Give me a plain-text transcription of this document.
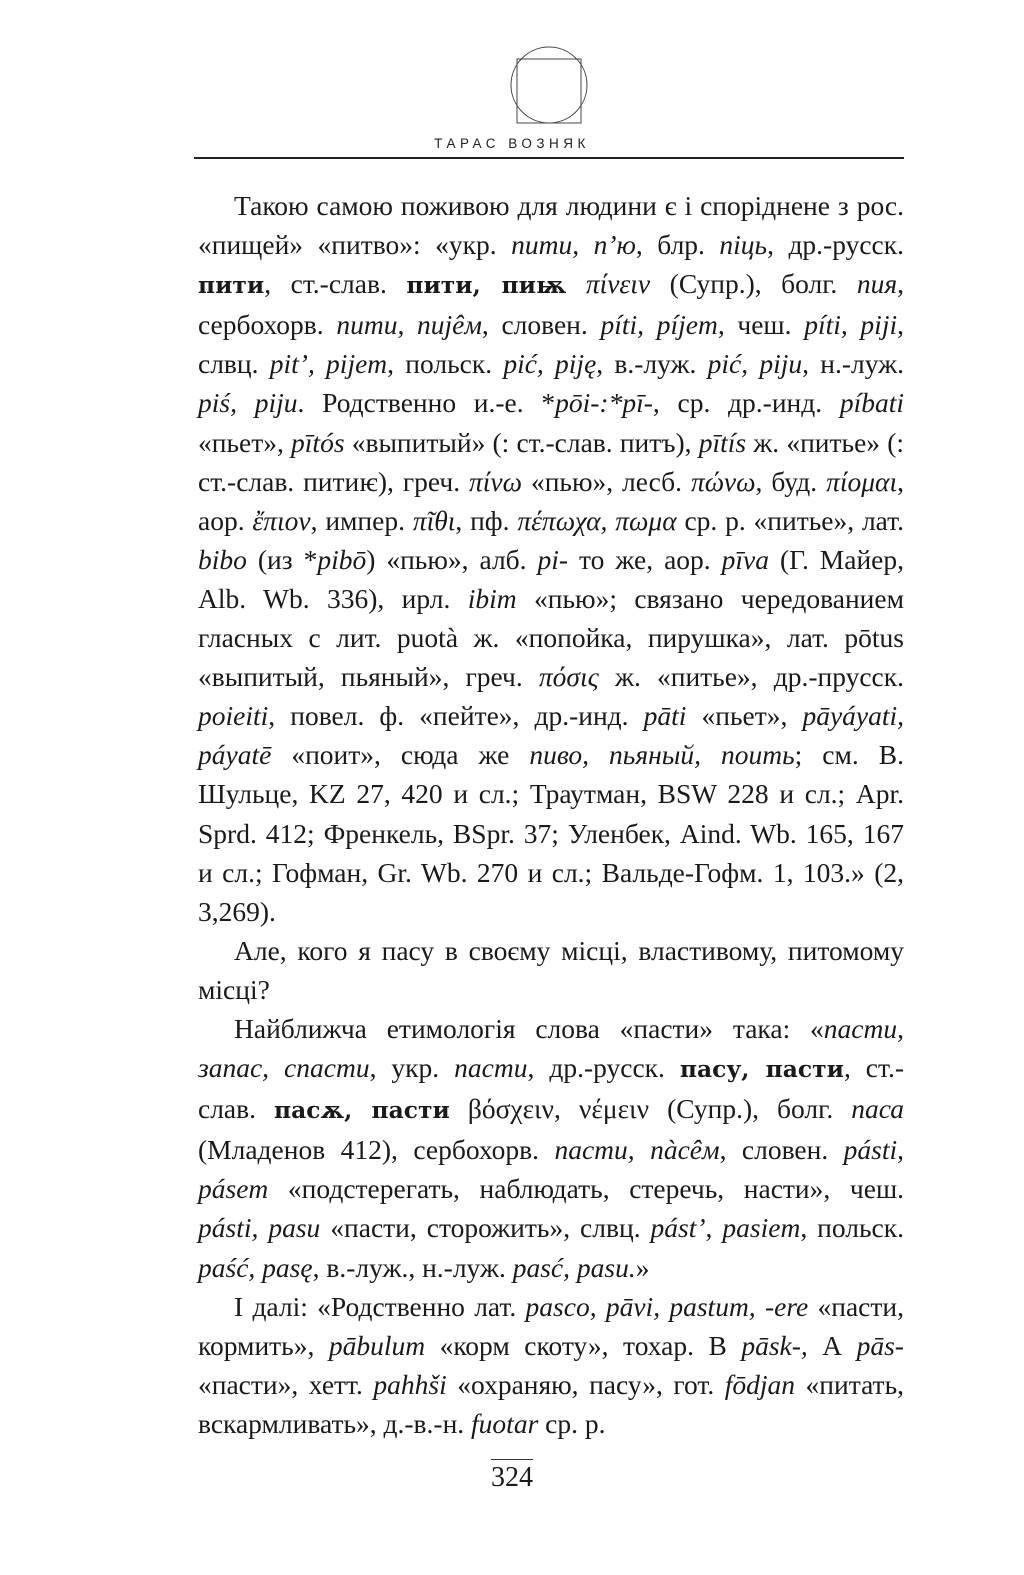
ТАРАС ВОЗНЯК

Такою самою поживою для людини є і споріднене з рос. «пищей» «питво»: «укр. пити, п’ю, блр. піць, др.-русск. пити, ст.-слав. пити, пиѭ πίνειν (Супр.), болг. пия, сербохорв. пити, пиjêм, словен. píti, píjem, чеш. píti, piji, слвц. pit’, pijem, польск. pić, piję, в.-луж. pić, piju, н.-луж. piś, piju. Родственно и.-е. *pōi-:*pī-, ср. др.-инд. píbati «пьет», pītós «выпитый» (: ст.-слав. питъ), pītís ж. «питье» (: ст.-слав. питиѥ), греч. πίνω «пью», лесб. πώνω, буд. πίομαι, аор. ἔπιον, импер. πῖθι, пф. πέπωχα, πωμα ср. р. «питье», лат. bibo (из *pibō) «пью», алб. pi- то же, аор. pīva (Г. Майер, Alb. Wb. 336), ирл. ibim «пью»; связано чередованием гласных с лит. puotà ж. «попойка, пирушка», лат. pōtus «выпитый, пьяный», греч. πόσις ж. «питье», др.-прусск. poieiti, повел. ф. «пейте», др.-инд. pāti «пьет», pāyáyati, páyatē «поит», сюда же пиво, пьяный, поить; см. В. Шульце, KZ 27, 420 и сл.; Траутман, BSW 228 и сл.; Арr. Sprd. 412; Френкель, BSpr. 37; Уленбек, Aind. Wb. 165, 167 и сл.; Гофман, Gr. Wb. 270 и сл.; Вальде-Гофм. 1, 103.» (2, 3,269).

Але, кого я пасу в своєму місці, властивому, питомому місці?

Найближча етимологія слова «пасти» така: «пасти, запас, спасти, укр. пасти, др.-русск. пасу, пасти, ст.-слав. пасѫ, пасти βόσχειν, νέμειν (Супр.), болг. паса (Младенов 412), сербохорв. пасти, пàсêм, словен. pásti, pásem «подстерегать, наблюдать, стеречь, насти», чеш. pásti, pasu «пасти, сторожить», слвц. pást’, pasiem, польск. paść, pasę, в.-луж., н.-луж. pasć, pasu.»

І далі: «Родственно лат. pasco, pāvi, pastum, -ere «пасти, кормить», pābulum «корм скоту», тохар. В pāsk-, А pās- «пасти», хетт. pahhši «охраняю, пасу», гот. fōdjan «питать, вскармливать», д.-в.-н. fuotar ср. р.

324
